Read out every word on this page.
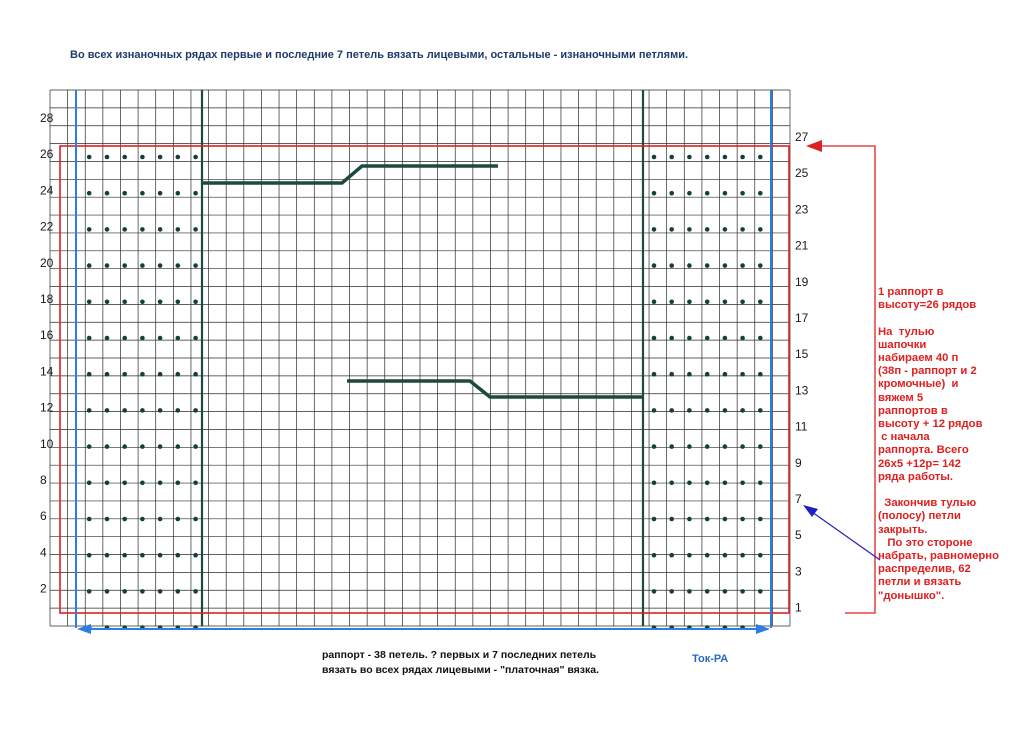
28
26
24
22
20
18
16
14
12
10
8
6
4
2
27
25
23
21
19
17
15
13
11
9
7
5
3
1
Во всех изнаночных рядах первые и последние 7 петель вязать лицевыми, остальные - изнаночными петлями.
раппорт - 38 петель. ? первых и 7 последних петель
вязать во всех рядах лицевыми - "платочная" вязка.
Ток-РА
1 раппорт в
высоту=26 рядов

На  тулью
шапочки
набираем 40 п
(38п - раппорт и 2
кромочные)  и
вяжем 5
раппортов в
высоту + 12 рядов
с начала
раппорта. Всего
26х5 +12р= 142
ряда работы.

Закончив тулью
(полосу) петли
закрыть.
По это стороне
набрать, равномерно
распределив, 62
петли и вязать
"донышко".
